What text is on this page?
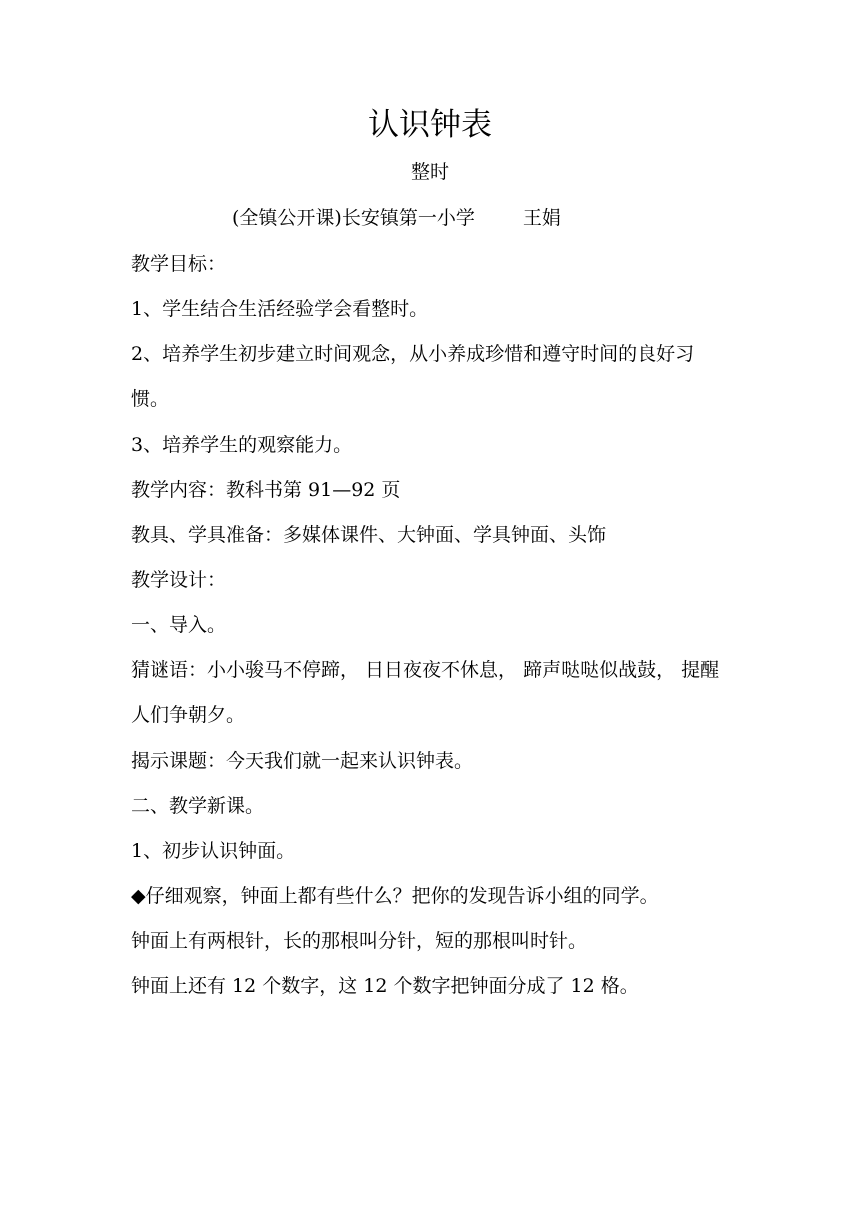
认识钟表
整时
(全镇公开课)长安镇第一小学	王娟

教学目标：

1、学生结合生活经验学会看整时。

2、培养学生初步建立时间观念，从小养成珍惜和遵守时间的良好习惯。

3、培养学生的观察能力。

教学内容：教科书第 91—92 页

教具、学具准备：多媒体课件、大钟面、学具钟面、头饰

教学设计：

一、导入。

猜谜语：小小骏马不停蹄， 日日夜夜不休息， 蹄声哒哒似战鼓， 提醒人们争朝夕。

揭示课题：今天我们就一起来认识钟表。

二、教学新课。

1、初步认识钟面。

◆仔细观察，钟面上都有些什么？把你的发现告诉小组的同学。

钟面上有两根针，长的那根叫分针，短的那根叫时针。

钟面上还有 12 个数字，这 12 个数字把钟面分成了 12 格。
